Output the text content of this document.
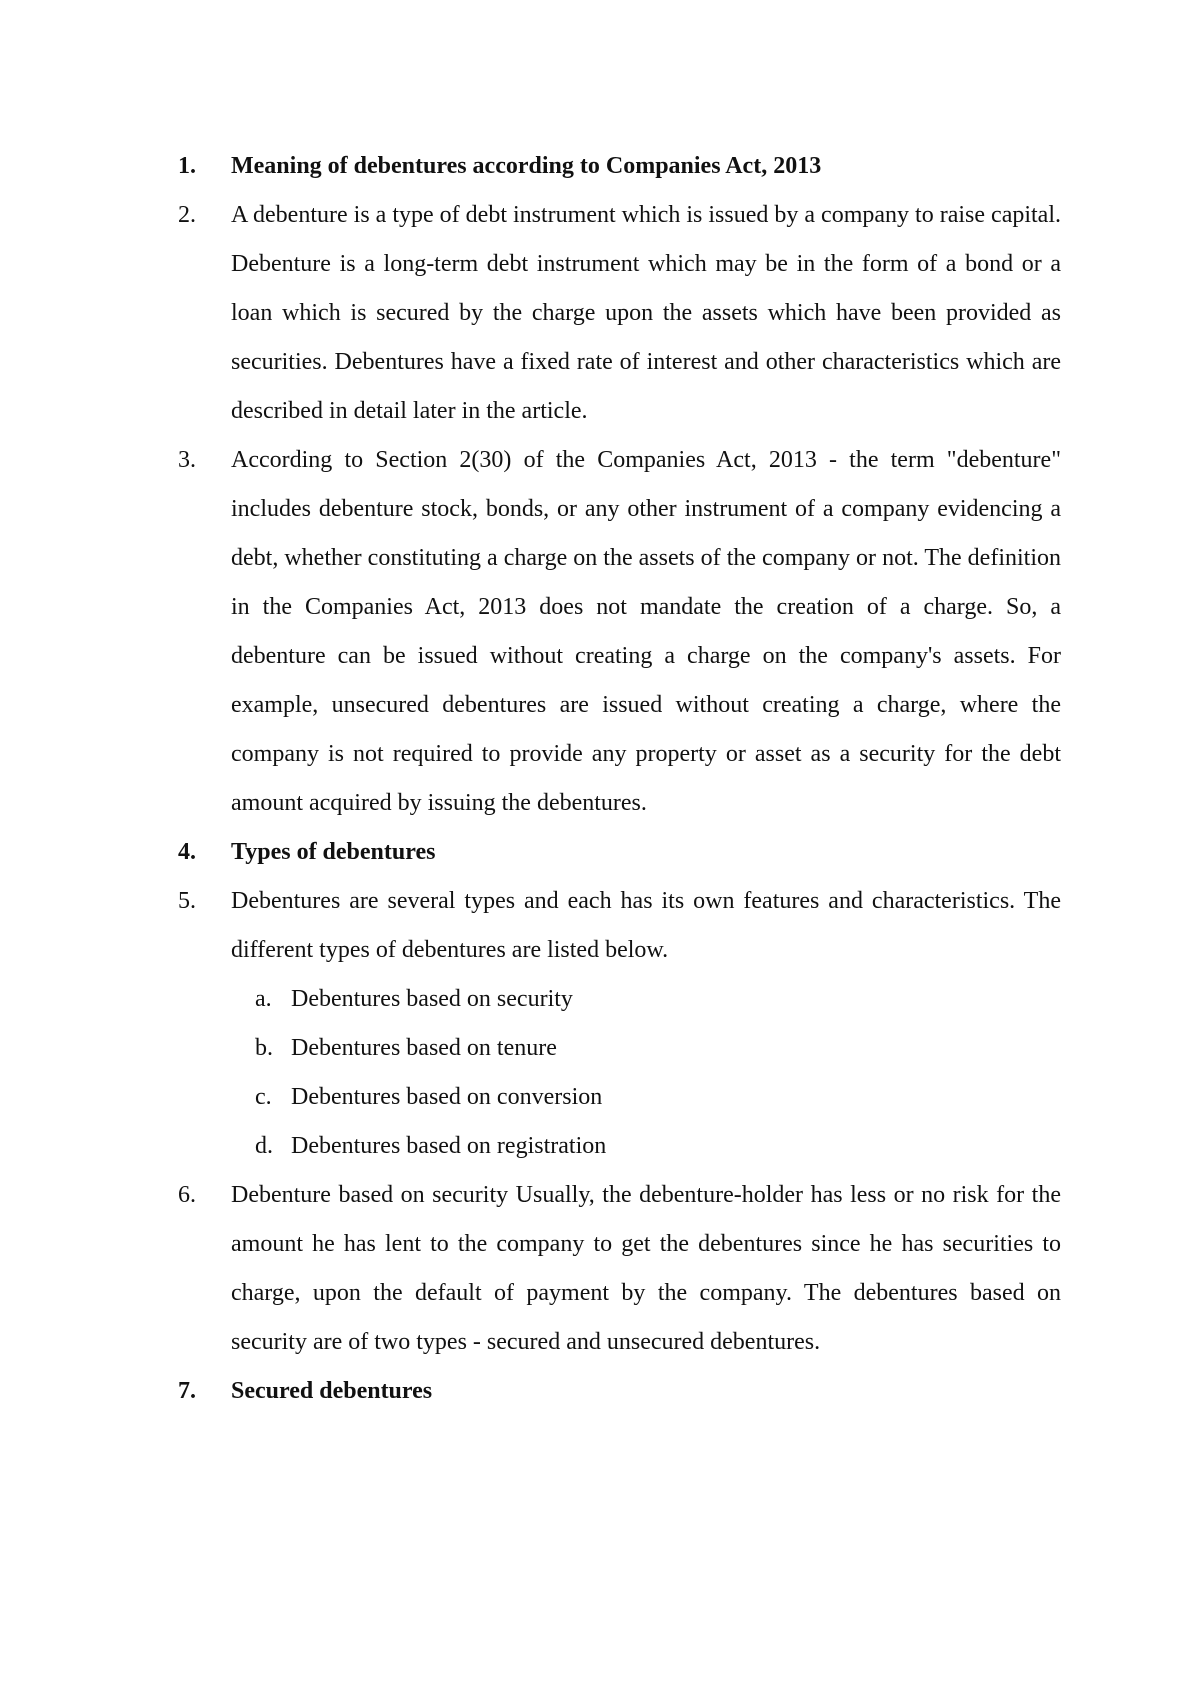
1.	Meaning of debentures according to Companies Act, 2013
2.	A debenture is a type of debt instrument which is issued by a company to raise capital. Debenture is a long-term debt instrument which may be in the form of a bond or a loan which is secured by the charge upon the assets which have been provided as securities. Debentures have a fixed rate of interest and other characteristics which are described in detail later in the article.
3.	According to Section 2(30) of the Companies Act, 2013 - the term "debenture" includes debenture stock, bonds, or any other instrument of a company evidencing a debt, whether constituting a charge on the assets of the company or not. The definition in the Companies Act, 2013 does not mandate the creation of a charge. So, a debenture can be issued without creating a charge on the company's assets. For example, unsecured debentures are issued without creating a charge, where the company is not required to provide any property or asset as a security for the debt amount acquired by issuing the debentures.
4.	Types of debentures
5.	Debentures are several types and each has its own features and characteristics. The different types of debentures are listed below.
a. Debentures based on security
b. Debentures based on tenure
c. Debentures based on conversion
d. Debentures based on registration
6.	Debenture based on security Usually, the debenture-holder has less or no risk for the amount he has lent to the company to get the debentures since he has securities to charge, upon the default of payment by the company. The debentures based on security are of two types - secured and unsecured debentures.
7.	Secured debentures
